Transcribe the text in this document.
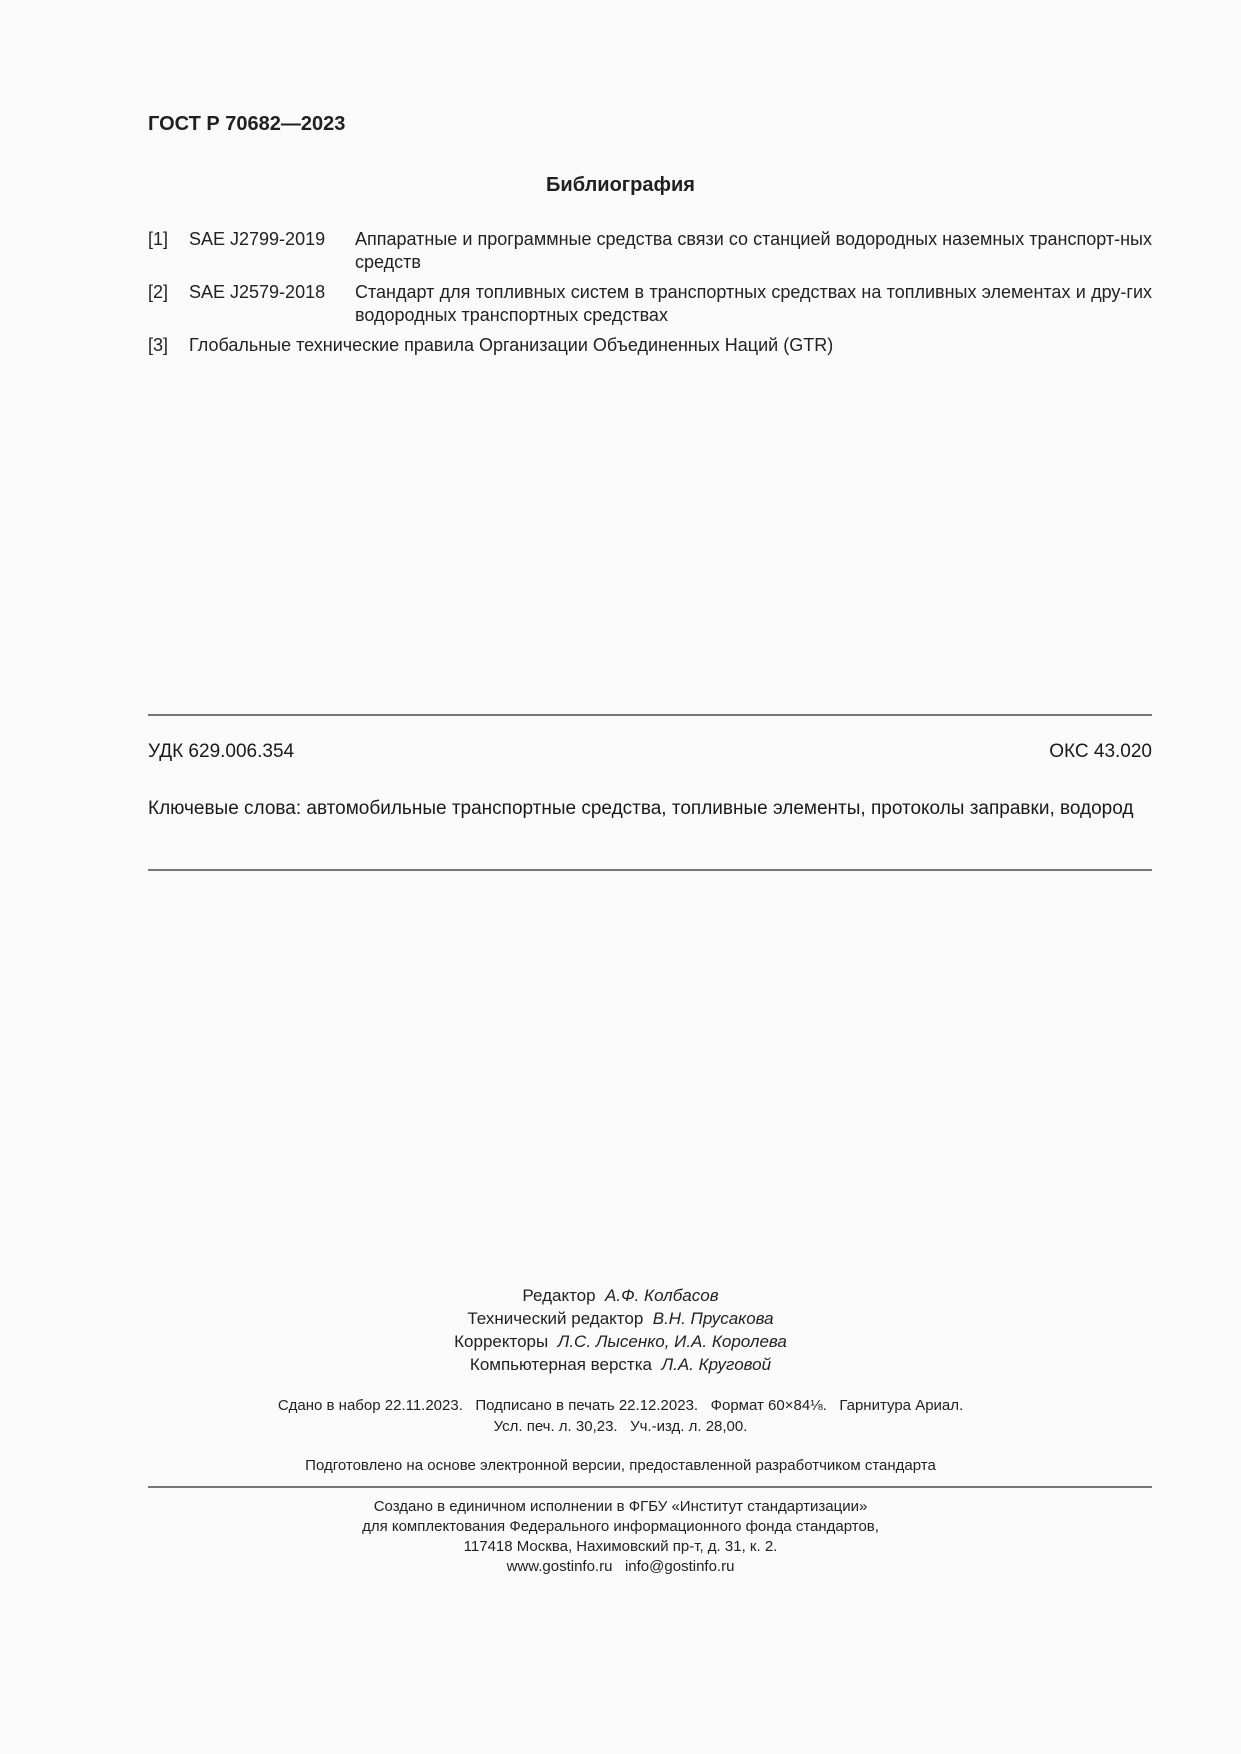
ГОСТ Р 70682—2023
Библиография
[1] SAE J2799-2019 Аппаратные и программные средства связи со станцией водородных наземных транспорт-ных средств
[2] SAE J2579-2018 Стандарт для топливных систем в транспортных средствах на топливных элементах и дру-гих водородных транспортных средствах
[3] Глобальные технические правила Организации Объединенных Наций (GTR)
УДК 629.006.354	ОКС 43.020
Ключевые слова: автомобильные транспортные средства, топливные элементы, протоколы заправки, водород
Редактор А.Ф. Колбасов
Технический редактор В.Н. Прусакова
Корректоры Л.С. Лысенко, И.А. Королева
Компьютерная верстка Л.А. Круговой
Сдано в набор 22.11.2023.   Подписано в печать 22.12.2023.   Формат 60×84⅛.   Гарнитура Ариал.
Усл. печ. л. 30,23.   Уч.-изд. л. 28,00.
Подготовлено на основе электронной версии, предоставленной разработчиком стандарта
Создано в единичном исполнении в ФГБУ «Институт стандартизации»
для комплектования Федерального информационного фонда стандартов,
117418 Москва, Нахимовский пр-т, д. 31, к. 2.
www.gostinfo.ru info@gostinfo.ru
